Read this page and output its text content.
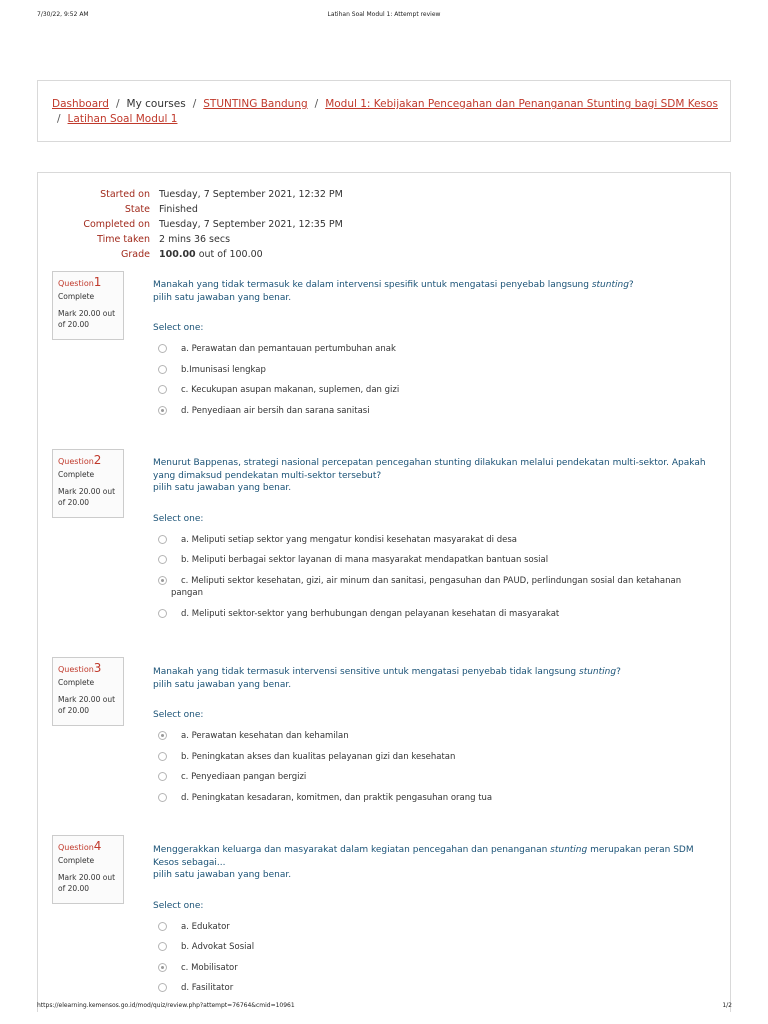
7/30/22, 9:52 AM	Latihan Soal Modul 1: Attempt review
Dashboard / My courses / STUNTING Bandung / Modul 1: Kebijakan Pencegahan dan Penanganan Stunting bagi SDM Kesos
/ Latihan Soal Modul 1
Started on Tuesday, 7 September 2021, 12:32 PM
State Finished
Completed on Tuesday, 7 September 2021, 12:35 PM
Time taken 2 mins 36 secs
Grade 100.00 out of 100.00
Question1
Complete
Mark 20.00 out of 20.00
Manakah yang tidak termasuk ke dalam intervensi spesifik untuk mengatasi penyebab langsung stunting?
pilih satu jawaban yang benar.
Select one:
a. Perawatan dan pemantauan pertumbuhan anak
b.Imunisasi lengkap
c. Kecukupan asupan makanan, suplemen, dan gizi
d. Penyediaan air bersih dan sarana sanitasi
Question2
Complete
Mark 20.00 out of 20.00
Menurut Bappenas, strategi nasional percepatan pencegahan stunting dilakukan melalui pendekatan multi-sektor. Apakah yang dimaksud pendekatan multi-sektor tersebut?
pilih satu jawaban yang benar.
Select one:
a. Meliputi setiap sektor yang mengatur kondisi kesehatan masyarakat di desa
b. Meliputi berbagai sektor layanan di mana masyarakat mendapatkan bantuan sosial
c. Meliputi sektor kesehatan, gizi, air minum dan sanitasi, pengasuhan dan PAUD, perlindungan sosial dan ketahanan
pangan
d. Meliputi sektor-sektor yang berhubungan dengan pelayanan kesehatan di masyarakat
Question3
Complete
Mark 20.00 out of 20.00
Manakah yang tidak termasuk intervensi sensitive untuk mengatasi penyebab tidak langsung stunting?
pilih satu jawaban yang benar.
Select one:
a. Perawatan kesehatan dan kehamilan
b. Peningkatan akses dan kualitas pelayanan gizi dan kesehatan
c. Penyediaan pangan bergizi
d. Peningkatan kesadaran, komitmen, dan praktik pengasuhan orang tua
Question4
Complete
Mark 20.00 out of 20.00
Menggerakkan keluarga dan masyarakat dalam kegiatan pencegahan dan penanganan stunting merupakan peran SDM Kesos sebagai...
pilih satu jawaban yang benar.
Select one:
a. Edukator
b. Advokat Sosial
c. Mobilisator
d. Fasilitator
https://elearning.kemensos.go.id/mod/quiz/review.php?attempt=76764&cmid=10961	1/2
